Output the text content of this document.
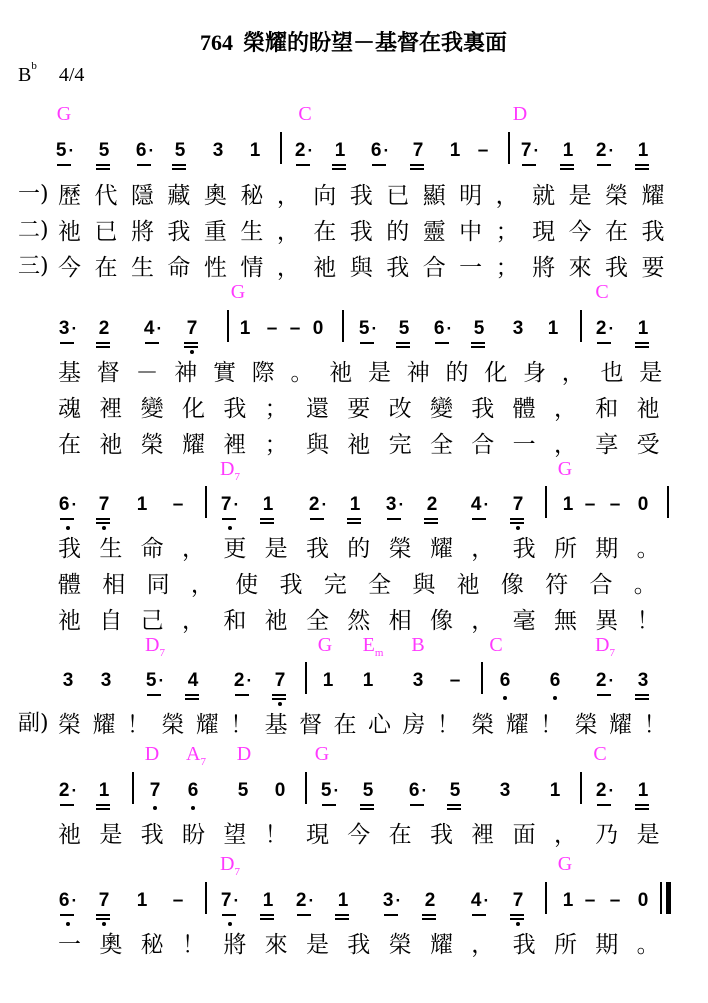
764 榮耀的盼望－基督在我裏面
$B^b$ 4/4
G	C	D
G	C
$D_7$	G
$D_7$	G $E_m$ B	C	$D_7$
D $A_7$ D	G	C
$D_7$	G
5 · 5 6 · 5 3 1 2 · 1 6 · 7 1 – 7 · 1 2 · 1
3 · 2 4 · 7 1 – – 0 5 · 5 6 · 5 3 1 2 · 1
6 · 7 1 – 7 · 1 2 · 1 3 · 2 4 · 7 1 – – 0
3 3 5 · 4 2 · 7 1 1 3 – 6 6 2 · 3
2 · 1 7 6 5 0 5 · 5 6 · 5 3 1 2 · 1
6 · 7 1 – 7 · 1 2 · 1 3 · 2 4 · 7 1 – – 0
一) 歷代隱藏奧秘，向我已顯明，就是榮耀
二) 祂已將我重生，在我的靈中；現今在我
三) 今在生命性情，祂與我合一；將來我要
基督－神實際。祂是神的化身，也是
魂裡變化我；還要改變我體，和祂
在祂榮耀裡；與祂完全合一，享受
我生命，更是我的榮耀，我所期。
體相同，使我完全與祂像符合。
祂自己，和祂全然相像，毫無異！
副) 榮耀！榮耀！基督在心房！榮耀！榮耀！
祂是我盼望！現今在我裡面，乃是
一奧秘！將來是我榮耀，我所期。
